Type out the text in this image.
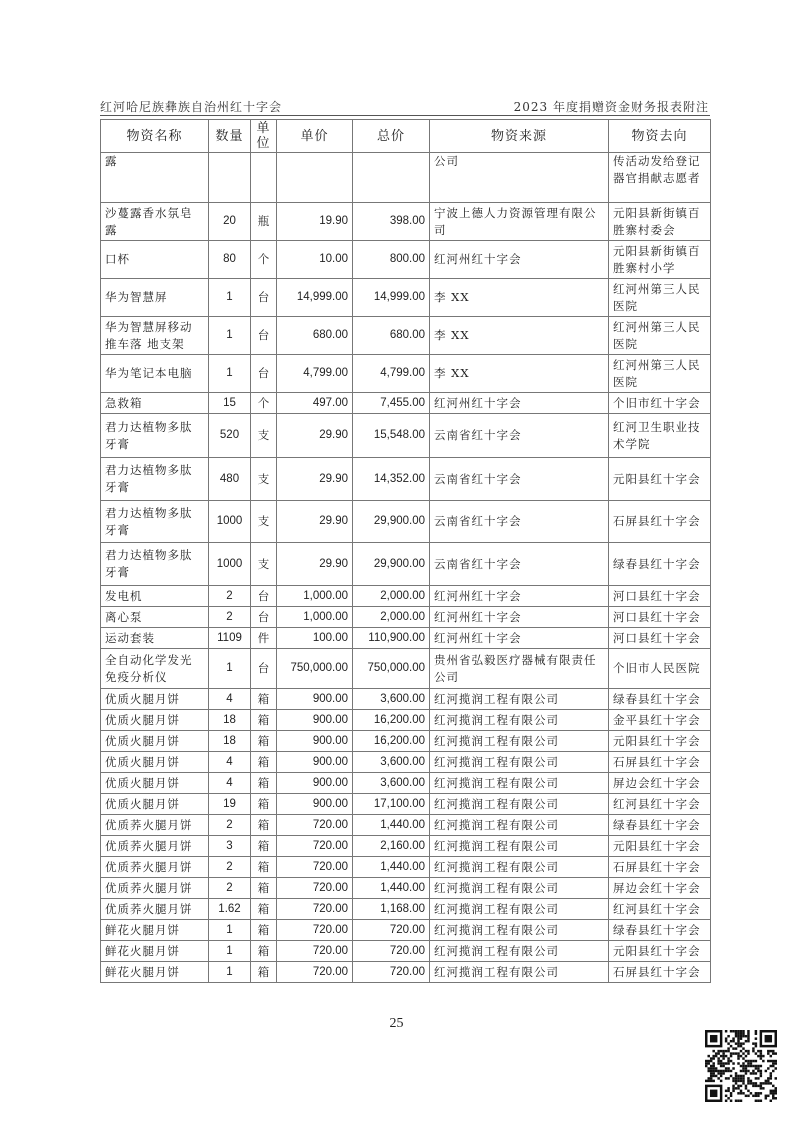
红河哈尼族彝族自治州红十字会	2023 年度捐赠资金财务报表附注
物资名称	数量	单位	单价	总价	物资来源	物资去向
露					公司	传活动发给登记器官捐献志愿者
沙蔓露香水氛皂露	20	瓶	19.90	398.00	宁波上德人力资源管理有限公司	元阳县新街镇百胜寨村委会
口杯	80	个	10.00	800.00	红河州红十字会	元阳县新街镇百胜寨村小学
华为智慧屏	1	台	14,999.00	14,999.00	李 XX	红河州第三人民医院
华为智慧屏移动推车落 地支架	1	台	680.00	680.00	李 XX	红河州第三人民医院
华为笔记本电脑	1	台	4,799.00	4,799.00	李 XX	红河州第三人民医院
急救箱	15	个	497.00	7,455.00	红河州红十字会	个旧市红十字会
君力达植物多肽牙膏	520	支	29.90	15,548.00	云南省红十字会	红河卫生职业技术学院
君力达植物多肽牙膏	480	支	29.90	14,352.00	云南省红十字会	元阳县红十字会
君力达植物多肽牙膏	1000	支	29.90	29,900.00	云南省红十字会	石屏县红十字会
君力达植物多肽牙膏	1000	支	29.90	29,900.00	云南省红十字会	绿春县红十字会
发电机	2	台	1,000.00	2,000.00	红河州红十字会	河口县红十字会
离心泵	2	台	1,000.00	2,000.00	红河州红十字会	河口县红十字会
运动套装	1109	件	100.00	110,900.00	红河州红十字会	河口县红十字会
全自动化学发光免疫分析仪	1	台	750,000.00	750,000.00	贵州省弘毅医疗器械有限责任公司	个旧市人民医院
优质火腿月饼	4	箱	900.00	3,600.00	红河揽润工程有限公司	绿春县红十字会
优质火腿月饼	18	箱	900.00	16,200.00	红河揽润工程有限公司	金平县红十字会
优质火腿月饼	18	箱	900.00	16,200.00	红河揽润工程有限公司	元阳县红十字会
优质火腿月饼	4	箱	900.00	3,600.00	红河揽润工程有限公司	石屏县红十字会
优质火腿月饼	4	箱	900.00	3,600.00	红河揽润工程有限公司	屏边会红十字会
优质火腿月饼	19	箱	900.00	17,100.00	红河揽润工程有限公司	红河县红十字会
优质荞火腿月饼	2	箱	720.00	1,440.00	红河揽润工程有限公司	绿春县红十字会
优质荞火腿月饼	3	箱	720.00	2,160.00	红河揽润工程有限公司	元阳县红十字会
优质荞火腿月饼	2	箱	720.00	1,440.00	红河揽润工程有限公司	石屏县红十字会
优质荞火腿月饼	2	箱	720.00	1,440.00	红河揽润工程有限公司	屏边会红十字会
优质荞火腿月饼	1.62	箱	720.00	1,168.00	红河揽润工程有限公司	红河县红十字会
鲜花火腿月饼	1	箱	720.00	720.00	红河揽润工程有限公司	绿春县红十字会
鲜花火腿月饼	1	箱	720.00	720.00	红河揽润工程有限公司	元阳县红十字会
鲜花火腿月饼	1	箱	720.00	720.00	红河揽润工程有限公司	石屏县红十字会
25
